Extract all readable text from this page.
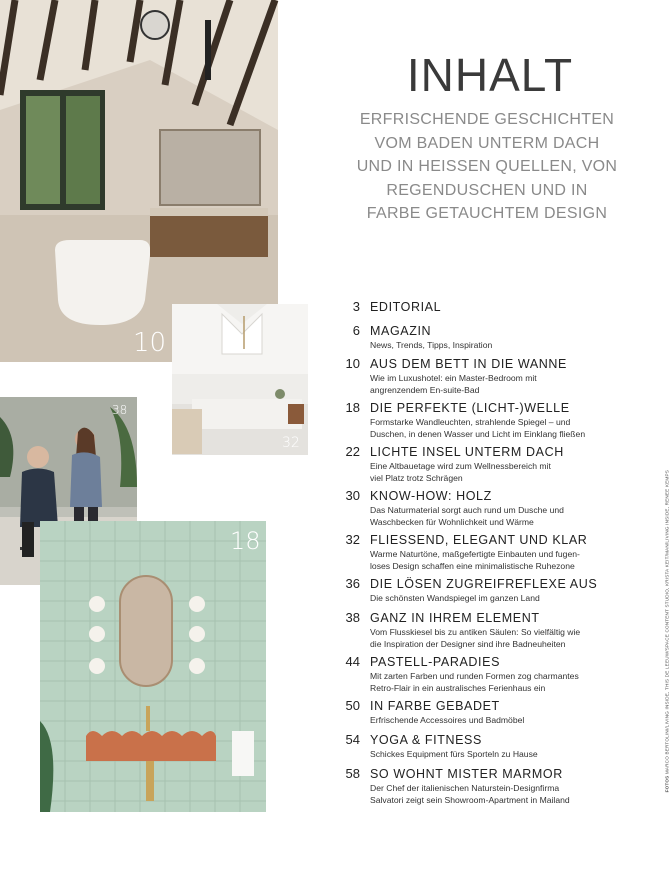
10
32
38
18
INHALT
ERFRISCHENDE GESCHICHTEN
VOM BADEN UNTERM DACH
UND IN HEISSEN QUELLEN, VON
REGENDUSCHEN UND IN
FARBE GETAUCHTEM DESIGN
3 EDITORIAL
6 MAGAZIN
News, Trends, Tipps, Inspiration
10 AUS DEM BETT IN DIE WANNE
Wie im Luxushotel: ein Master-Bedroom mit
angrenzendem En-suite-Bad
18 DIE PERFEKTE (LICHT-)WELLE
Formstarke Wandleuchten, strahlende Spiegel – und
Duschen, in denen Wasser und Licht im Einklang fließen
22 LICHTE INSEL UNTERM DACH
Eine Altbauetage wird zum Wellnessbereich mit
viel Platz trotz Schrägen
30 KNOW-HOW: HOLZ
Das Naturmaterial sorgt auch rund um Dusche und
Waschbecken für Wohnlichkeit und Wärme
32 FLIESSEND, ELEGANT UND KLAR
Warme Naturtöne, maßgefertigte Einbauten und fugen-
loses Design schaffen eine minimalistische Ruhezone
36 DIE LÖSEN ZUGREIFREFLEXE AUS
Die schönsten Wandspiegel im ganzen Land
38 GANZ IN IHREM ELEMENT
Vom Flusskiesel bis zu antiken Säulen: So vielfältig wie
die Inspiration der Designer sind ihre Badneuheiten
44 PASTELL-PARADIES
Mit zarten Farben und runden Formen zog charmantes
Retro-Flair in ein australisches Ferienhaus ein
50 IN FARBE GEBADET
Erfrischende Accessoires und Badmöbel
54 YOGA & FITNESS
Schickes Equipment fürs Sporteln zu Hause
58 SO WOHNT MISTER MARMOR
Der Chef der italienischen Naturstein-Designfirma
Salvatori zeigt sein Showroom-Apartment in Mailand
FOTOS MARCO BERTOLINI/LIVING INSIDE, THIS DE LEEUW/SPACE CONTENT STUDIO, KRISTA KEIT/MAN/LIVING INSIDE, RENEE KEMPS
